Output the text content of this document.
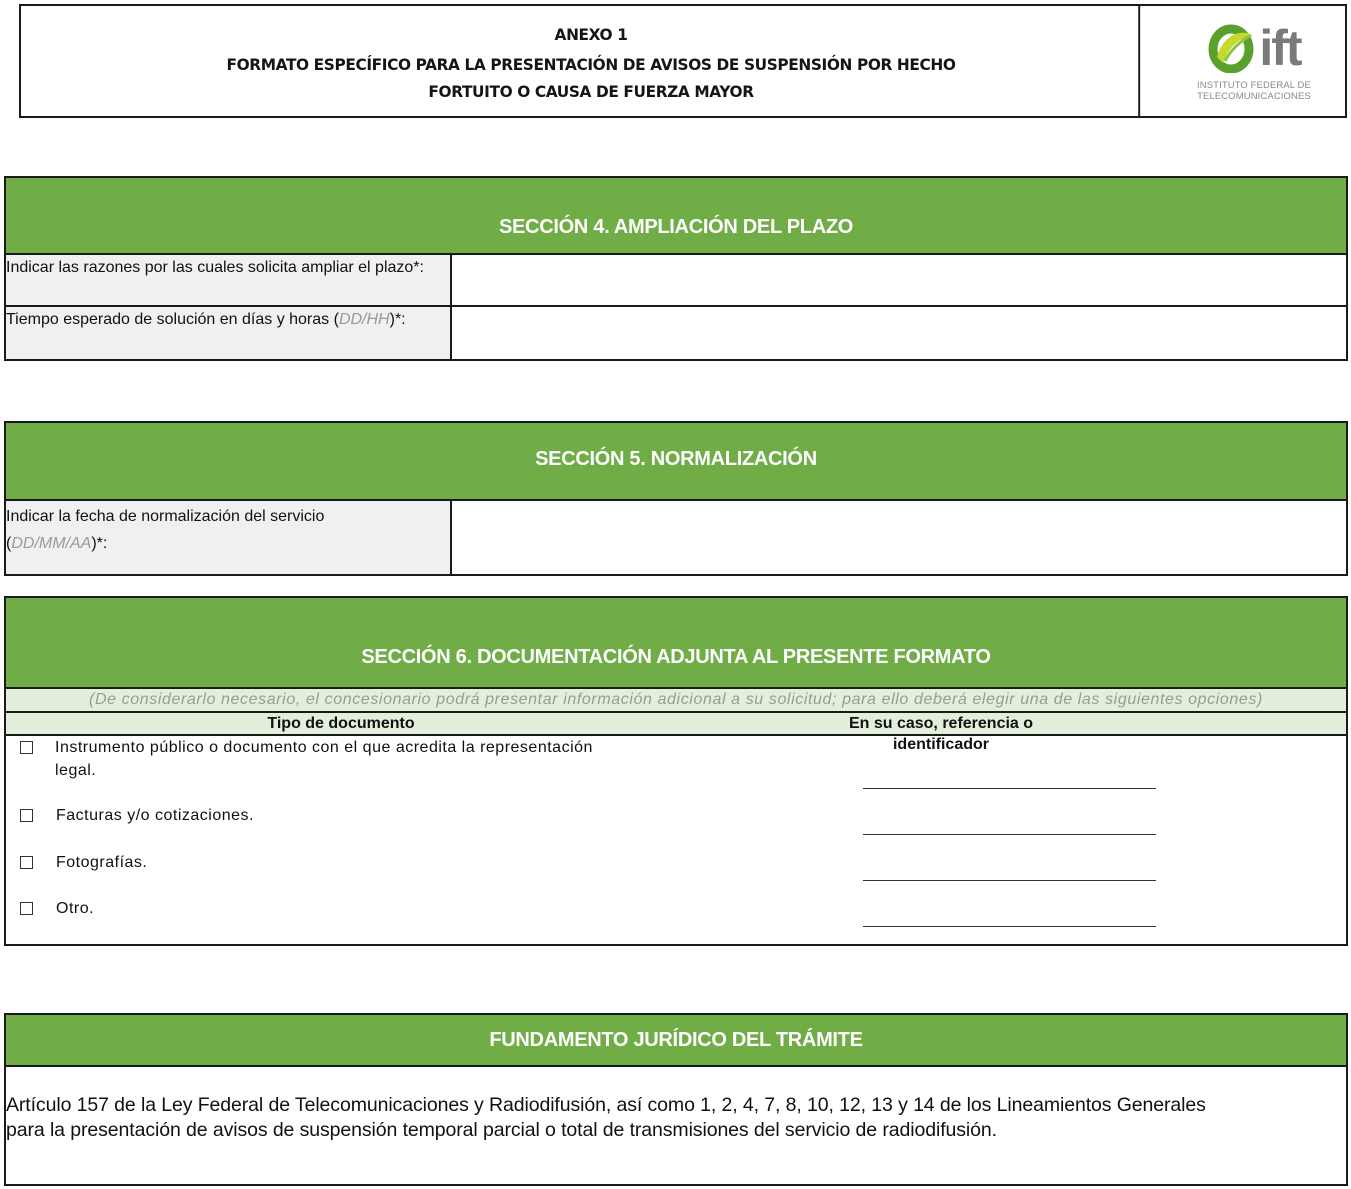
ANEXO 1
FORMATO ESPECÍFICO PARA LA PRESENTACIÓN DE AVISOS DE SUSPENSIÓN POR HECHO
FORTUITO O CAUSA DE FUERZA MAYOR
ift
INSTITUTO FEDERAL DE
TELECOMUNICACIONES
SECCIÓN 4. AMPLIACIÓN DEL PLAZO
Indicar las razones por las cuales solicita ampliar el plazo*:
Tiempo esperado de solución en días y horas (DD/HH)*:
SECCIÓN 5. NORMALIZACIÓN
Indicar la fecha de normalización del servicio
(DD/MM/AA)*:
SECCIÓN 6. DOCUMENTACIÓN ADJUNTA AL PRESENTE FORMATO
(De considerarlo necesario, el concesionario podrá presentar información adicional a su solicitud; para ello deberá elegir una de las siguientes opciones)
Tipo de documento	En su caso, referencia o identificador
Instrumento público o documento con el que acredita la representación
legal.
Facturas y/o cotizaciones.
Fotografías.
Otro.
FUNDAMENTO JURÍDICO DEL TRÁMITE
Artículo 157 de la Ley Federal de Telecomunicaciones y Radiodifusión, así como 1, 2, 4, 7, 8, 10, 12, 13 y 14 de los Lineamientos Generales
para la presentación de avisos de suspensión temporal parcial o total de transmisiones del servicio de radiodifusión.
